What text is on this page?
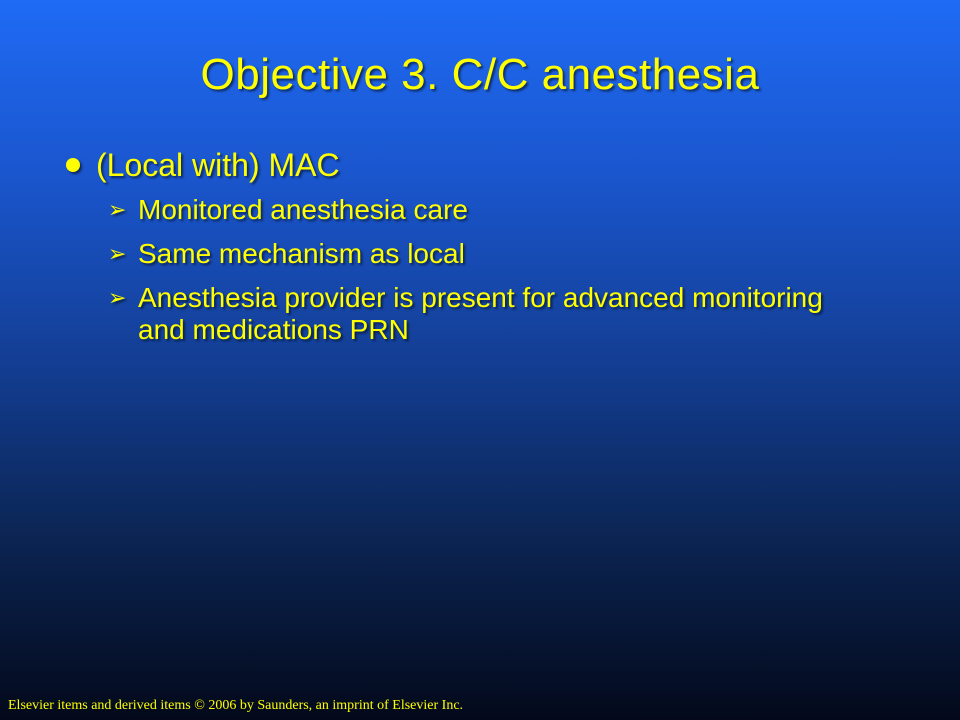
Objective 3. C/C anesthesia
(Local with) MAC
➢ Monitored anesthesia care
➢ Same mechanism as local
➢ Anesthesia provider is present for advanced monitoring and medications PRN
Elsevier items and derived items © 2006 by Saunders, an imprint of Elsevier Inc.
